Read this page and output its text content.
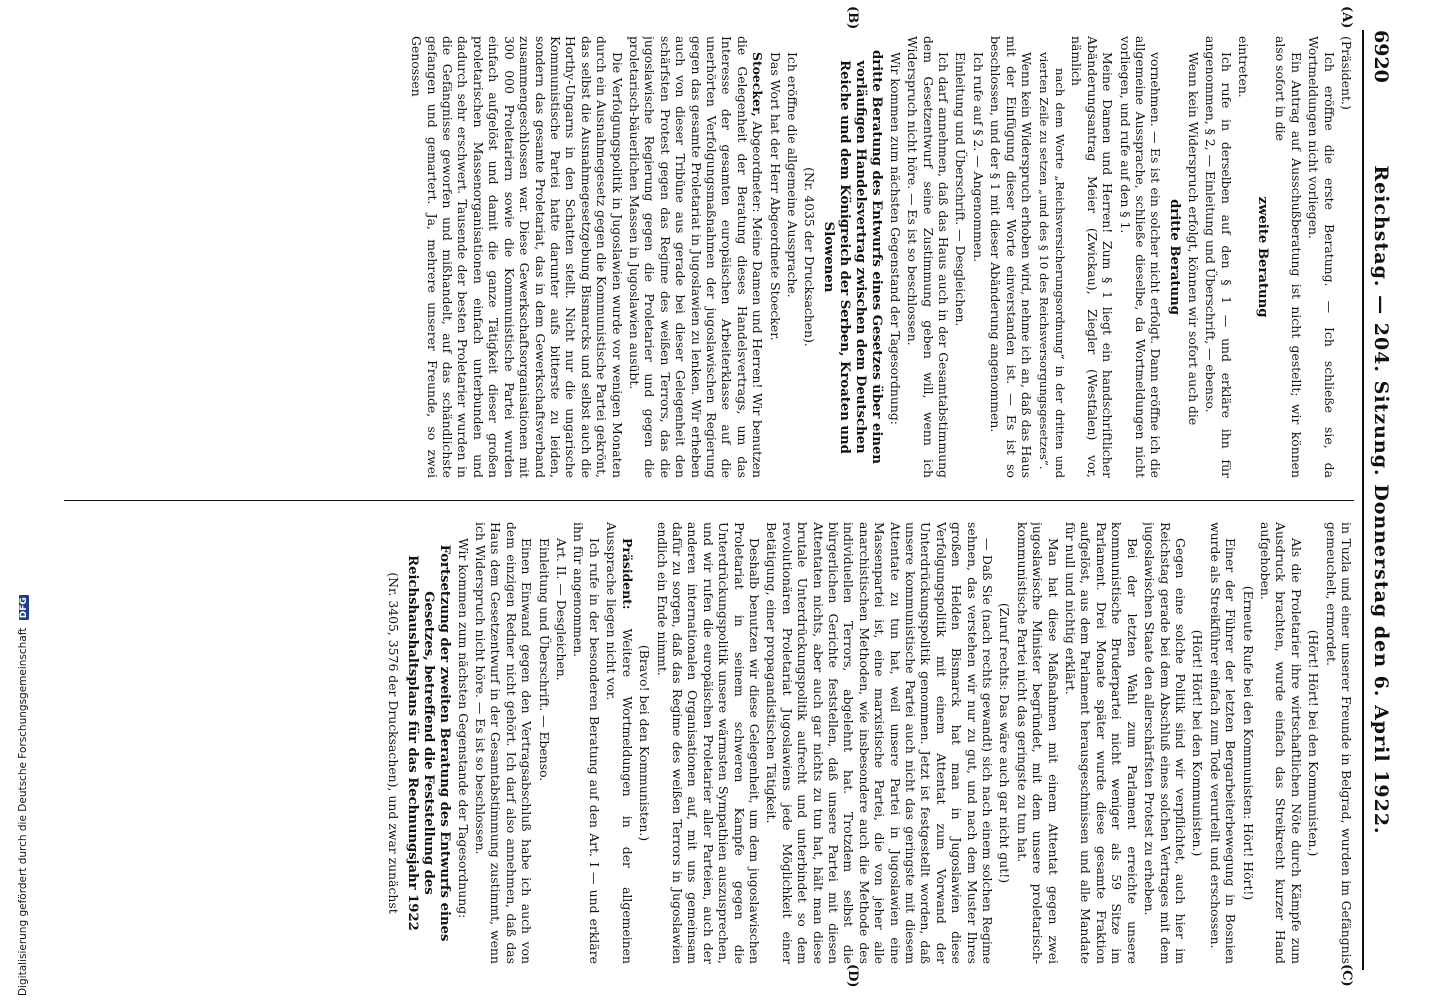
6920
Reichstag. — 204. Sitzung. Donnerstag den 6. April 1922.
(A)
(B)
(C)
(D)

(Präsident.)

Ich eröffne die erste Beratung. — Ich schließe sie, da Wortmeldungen nicht vorliegen.

Ein Antrag auf Ausschußberatung ist nicht gestellt; wir können also sofort in die

zweite Beratung

eintreten.

Ich rufe in derselben auf den § 1 — und erkläre ihn für angenommen, § 2, — Einleitung und Überschrift, — ebenso.

Wenn kein Widerspruch erfolgt, können wir sofort auch die

dritte Beratung

vornehmen. — Es ist ein solcher nicht erfolgt. Dann eröffne ich die allgemeine Aussprache, schließe dieselbe, da Wortmeldungen nicht vorliegen, und rufe auf den § 1.

Meine Damen und Herren! Zum § 1 liegt ein handschriftlicher Abänderungsantrag Meier (Zwickau), Ziegler (Westfalen) vor, nämlich

nach dem Worte „Reichsversicherungsordnung“ in der dritten und vierten Zeile zu setzen „und des § 10 des Reichsversorgungsgesetzes“.

Wenn kein Widerspruch erhoben wird, nehme ich an, daß das Haus mit der Einfügung dieser Worte einverstanden ist. — Es ist so beschlossen, und der § 1 mit dieser Abänderung angenommen.

Ich rufe auf § 2. — Angenommen.

Einleitung und Überschrift. — Desgleichen.

Ich darf annehmen, daß das Haus auch in der Gesamtabstimmung dem Gesetzentwurf seine Zustimmung geben will, wenn ich Widerspruch nicht höre. — Es ist so beschlossen.

Wir kommen zum nächsten Gegenstand der Tagesordnung:

dritte Beratung des Entwurfs eines Gesetzes über einen vorläufigen Handelsvertrag zwischen dem Deutschen Reiche und dem Königreich der Serben, Kroaten und Slowenen

(Nr. 4035 der Drucksachen).

Ich eröffne die allgemeine Aussprache.

Das Wort hat der Herr Abgeordnete Stoecker.

Stoecker, Abgeordneter: Meine Damen und Herren! Wir benutzen die Gelegenheit der Beratung dieses Handelsvertrags, um das Interesse der gesamten europäischen Arbeiterklasse auf die unerhörten Verfolgungsmaßnahmen der jugoslawischen Regierung gegen das gesamte Proletariat in Jugoslawien zu lenken. Wir erheben auch von dieser Tribüne aus gerade bei dieser Gelegenheit den schärfsten Protest gegen das Regime des weißen Terrors, das die jugoslawische Regierung gegen die Proletarier und gegen die proletarisch-bäuerlichen Massen in Jugoslawien ausübt.

Die Verfolgungspolitik in Jugoslawien wurde vor wenigen Monaten durch ein Ausnahmegesetz gegen die Kommunistische Partei gekrönt, das selbst die Ausnahmegesetzgebung Bismarcks und selbst auch die Horthy-Ungarns in den Schatten stellt. Nicht nur die ungarische Kommunistische Partei hatte darunter aufs bitterste zu leiden, sondern das gesamte Proletariat, das in dem Gewerkschaftsverband zusammengeschlossen war. Diese Gewerkschaftsorganisationen mit 300 000 Proletariern sowie die Kommunistische Partei wurden einfach aufgelöst und damit die ganze Tätigkeit dieser großen proletarischen Massenorganisationen einfach unterbunden und dadurch sehr erschwert. Tausende der besten Proletarier wurden in die Gefängnisse geworfen und mißhandelt, auf das schändlichste gefangen und gemartert. Ja, mehrere unserer Freunde, so zwei Genossen

in Tuzla und einer unserer Freunde in Belgrad, wurden im Gefängnis gemeuchelt, ermordet.

(Hört! Hört! bei den Kommunisten.)

Als die Proletarier ihre wirtschaftlichen Nöte durch Kämpfe zum Ausdruck brachten, wurde einfach das Streikrecht kurzer Hand aufgehoben.

(Erneute Rufe bei den Kommunisten: Hört! Hört!)

Einer der Führer der letzten Bergarbeiterbewegung in Bosnien wurde als Streikführer einfach zum Tode verurteilt und erschossen.

(Hört! Hört! bei den Kommunisten.)

Gegen eine solche Politik sind wir verpflichtet, auch hier im Reichstag gerade bei dem Abschluß eines solchen Vertrages mit dem jugoslawischen Staate den allerschärfsten Protest zu erheben.

Bei der letzten Wahl zum Parlament erreichte unsere kommunistische Bruderpartei nicht weniger als 59 Sitze im Parlament. Drei Monate später wurde diese gesamte Fraktion aufgelöst, aus dem Parlament herausgeschmissen und alle Mandate für null und nichtig erklärt.

Man hat diese Maßnahmen mit einem Attentat gegen zwei jugoslawische Minister begründet, mit dem unsere proletarisch-kommunistische Partei nicht das geringste zu tun hat.

(Zuruf rechts: Das wäre auch gar nicht gut!)

— Daß Sie (nach rechts gewandt) sich nach einem solchen Regime sehnen, das verstehen wir nur zu gut, und nach dem Muster Ihres großen Helden Bismarck hat man in Jugoslawien diese Verfolgungspolitik mit einem Attentat zum Vorwand der Unterdrückungspolitik genommen. Jetzt ist festgestellt worden, daß unsere kommunistische Partei auch nicht das geringste mit diesem Attentate zu tun hat, weil unsere Partei in Jugoslawien eine Massenpartei ist, eine marxistische Partei, die von jeher alle anarchistischen Methoden, wie insbesondere auch die Methode des individuellen Terrors, abgelehnt hat. Trotzdem selbst die bürgerlichen Gerichte feststellen, daß unsere Partei mit diesen Attentaten nichts, aber auch gar nichts zu tun hat, hält man diese brutale Unterdrückungspolitik aufrecht und unterbindet so dem revolutionären Proletariat Jugoslawiens jede Möglichkeit einer Betätigung, einer propagandistischen Tätigkeit.

Deshalb benutzen wir diese Gelegenheit, um dem jugoslawischen Proletariat in seinem schweren Kampfe gegen die Unterdrückungspolitik unsere wärmsten Sympathien auszusprechen, und wir rufen die europäischen Proletarier aller Parteien, auch der anderen internationalen Organisationen auf, mit uns gemeinsam dafür zu sorgen, daß das Regime des weißen Terrors in Jugoslawien endlich ein Ende nimmt.

(Bravo! bei den Kommunisten.)

Präsident: Weitere Wortmeldungen in der allgemeinen Aussprache liegen nicht vor.

Ich rufe in der besonderen Beratung auf den Art. I — und erkläre ihn für angenommen.

Art. II. — Desgleichen.

Einleitung und Überschrift. — Ebenso.

Einen Einwand gegen den Vertragsabschluß habe ich auch von dem einzigen Redner nicht gehört. Ich darf also annehmen, daß das Haus dem Gesetzentwurf in der Gesamtabstimmung zustimmt, wenn ich Widerspruch nicht höre. — Es ist so beschlossen.

Wir kommen zum nächsten Gegenstande der Tagesordnung:

Fortsetzung der zweiten Beratung des Entwurfs eines Gesetzes, betreffend die Feststellung des Reichshaushaltsplans für das Rechnungsjahr 1922

(Nr. 3405, 3576 der Drucksachen), und zwar zunächst

Digitalisierung gefördert durch die Deutsche Forschungsgemeinschaft DFG
